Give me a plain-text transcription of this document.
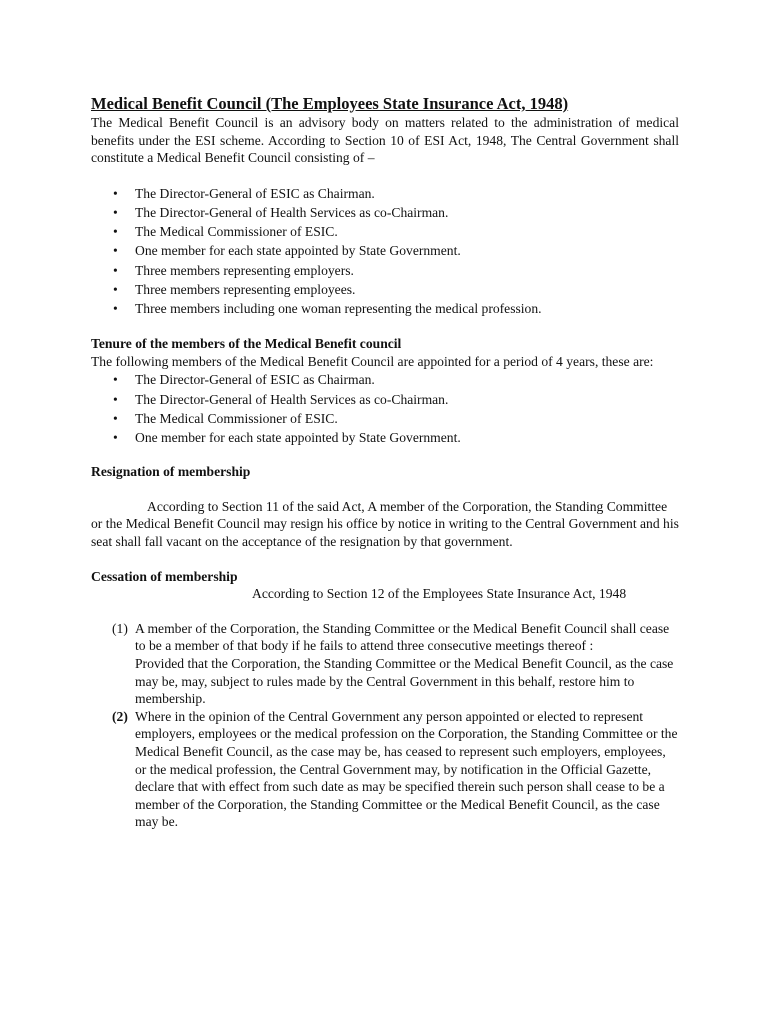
Medical Benefit Council (The Employees State Insurance Act, 1948)

The Medical Benefit Council is an advisory body on matters related to the administration of medical benefits under the ESI scheme. According to Section 10 of ESI Act, 1948, The Central Government shall constitute a Medical Benefit Council consisting of –

• The Director-General of ESIC as Chairman.
• The Director-General of Health Services as co-Chairman.
• The Medical Commissioner of ESIC.
• One member for each state appointed by State Government.
• Three members representing employers.
• Three members representing employees.
• Three members including one woman representing the medical profession.

Tenure of the members of the Medical Benefit council

The following members of the Medical Benefit Council are appointed for a period of 4 years, these are:

• The Director-General of ESIC as Chairman.
• The Director-General of Health Services as co-Chairman.
• The Medical Commissioner of ESIC.
• One member for each state appointed by State Government.

Resignation of membership

According to Section 11 of the said Act, A member of the Corporation, the Standing Committee or the Medical Benefit Council may resign his office by notice in writing to the Central Government and his seat shall fall vacant on the acceptance of the resignation by that government.

Cessation of membership

According to Section 12 of the Employees State Insurance Act, 1948

(1) A member of the Corporation, the Standing Committee or the Medical Benefit Council shall cease to be a member of that body if he fails to attend three consecutive meetings thereof :

Provided that the Corporation, the Standing Committee or the Medical Benefit Council, as the case may be, may, subject to rules made by the Central Government in this behalf, restore him to membership.

(2) Where in the opinion of the Central Government any person appointed or elected to represent employers, employees or the medical profession on the Corporation, the Standing Committee or the Medical Benefit Council, as the case may be, has ceased to represent such employers, employees, or the medical profession, the Central Government may, by notification in the Official Gazette, declare that with effect from such date as may be specified therein such person shall cease to be a member of the Corporation, the Standing Committee or the Medical Benefit Council, as the case may be.
